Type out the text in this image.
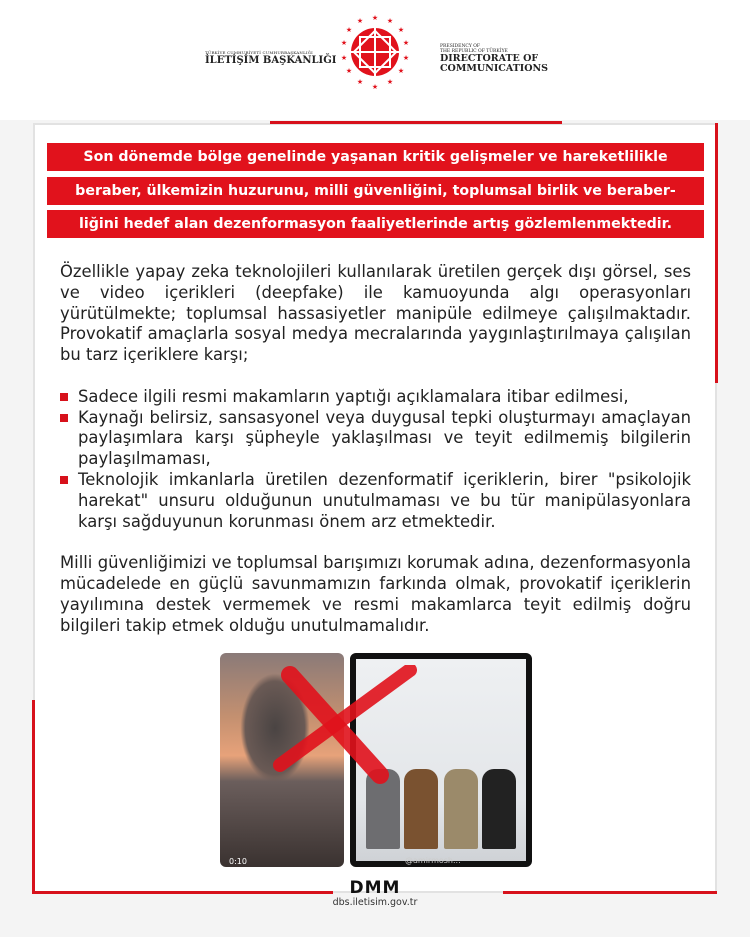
TÜRKİYE CUMHURİYETİ CUMHURBAŞKANLIĞI
İLETİŞİM BAŞKANLIĞI
★ ★
★
★
★
★
★
★
★
★
★
★
★
★
PRESIDENCY OF
THE REPUBLIC OF TÜRKİYE
DIRECTORATE OF
COMMUNICATIONS
Son dönemde bölge genelinde yaşanan kritik gelişmeler ve hareketlilikle
beraber, ülkemizin huzurunu, milli güvenliğini, toplumsal birlik ve beraber-
liğini hedef alan dezenformasyon faaliyetlerinde artış gözlemlenmektedir.

Özellikle yapay zeka teknolojileri kullanılarak üretilen gerçek dışı görsel, ses ve video içerikleri (deepfake) ile kamuoyunda algı operasyonları yürütülmekte; toplumsal hassasiyetler manipüle edilmeye çalışılmaktadır. Provokatif amaçlarla sosyal medya mecralarında yaygınlaştırılmaya çalışılan bu tarz içeriklere karşı;

Sadece ilgili resmi makamların yaptığı açıklamalara itibar edilmesi,
Kaynağı belirsiz, sansasyonel veya duygusal tepki oluşturmayı amaçlayan paylaşımlara karşı şüpheyle yaklaşılması ve teyit edilmemiş bilgilerin paylaşılmaması,
Teknolojik imkanlarla üretilen dezenformatif içeriklerin, birer "psikolojik harekat" unsuru olduğunun unutulmaması ve bu tür manipülasyonlara karşı sağduyunun korunması önem arz etmektedir.

Milli güvenliğimizi ve toplumsal barışımızı korumak adına, dezenformasyonla mücadelede en güçlü savunmamızın farkında olmak, provokatif içeriklerin yayılımına destek vermemek ve resmi makamlarca teyit edilmiş doğru bilgileri takip etmek olduğu unutulmamalıdır.

0:10	@amirmosh...
DMM
dbs.iletisim.gov.tr
